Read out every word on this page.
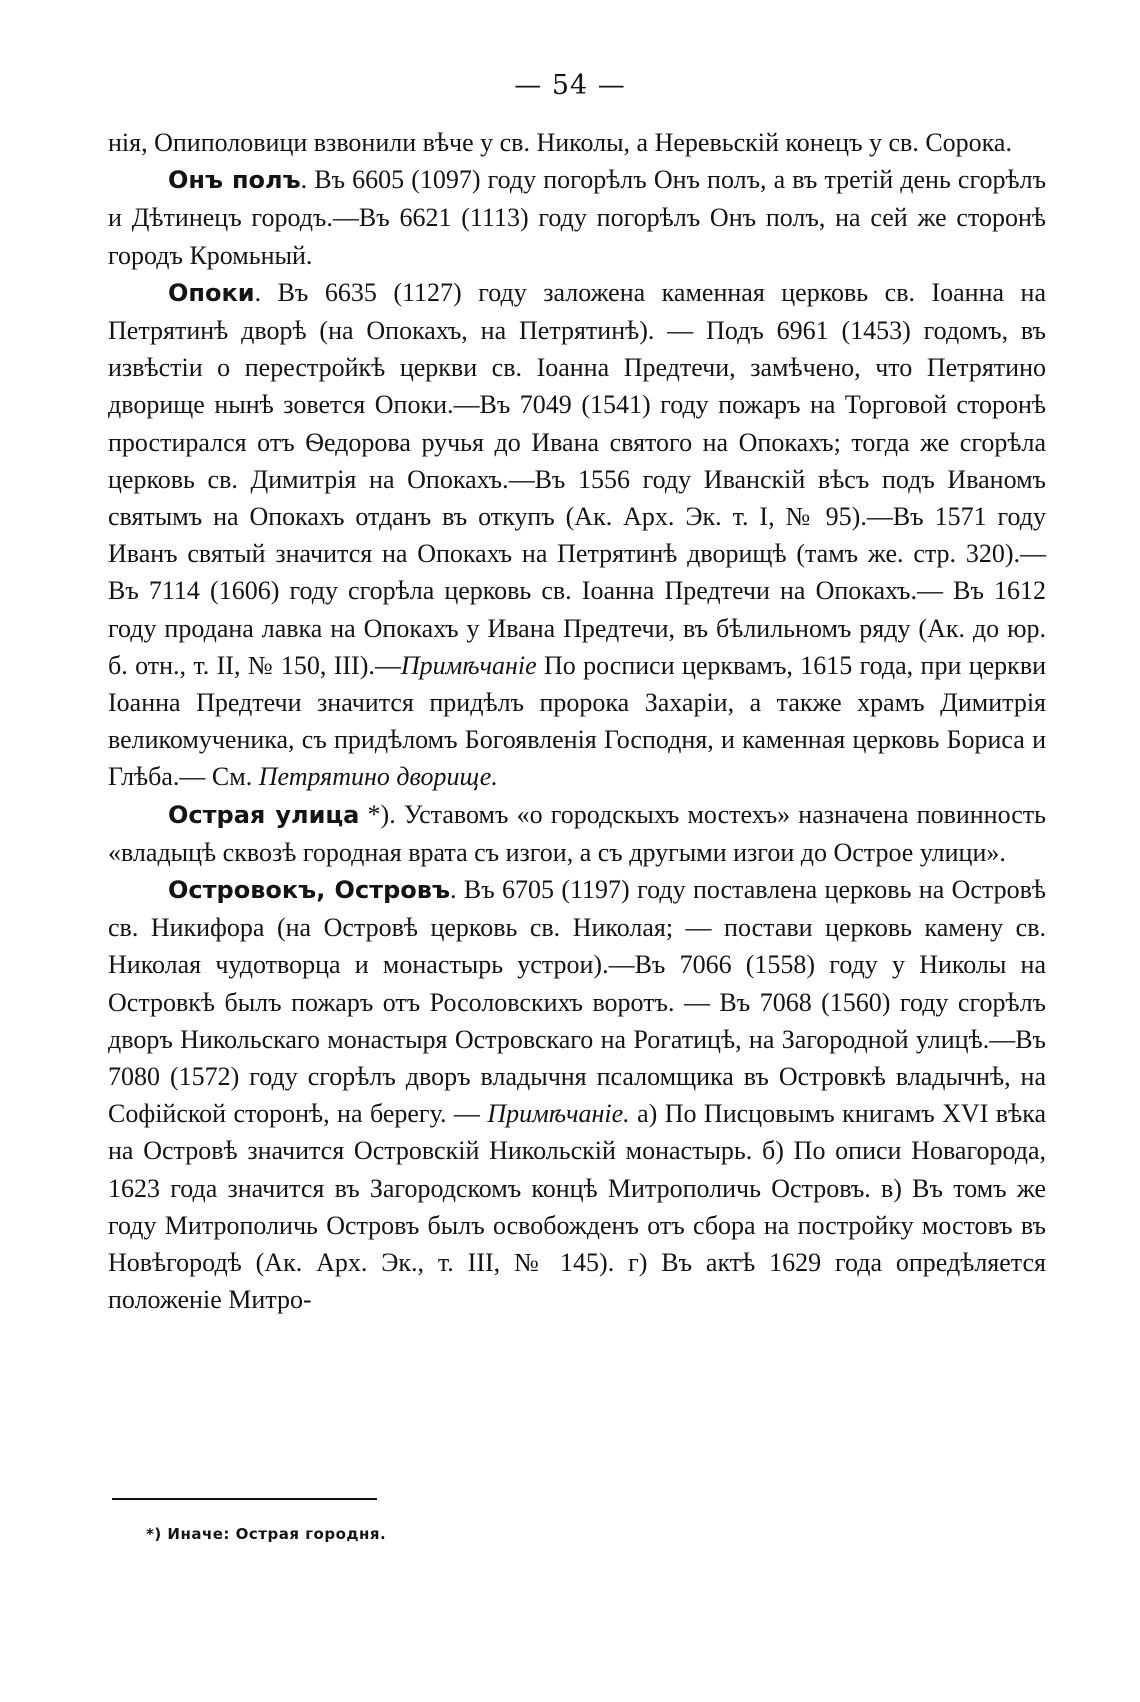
— 54 —

нія, Опиполовици взвонили вѣче у св. Николы, а Неревьскій конецъ у св. Сорока.

Онъ полъ. Въ 6605 (1097) году погорѣлъ Онъ полъ, а въ третій день сгорѣлъ и Дѣтинецъ городъ.—Въ 6621 (1113) году погорѣлъ Онъ полъ, на сей же сторонѣ городъ Кромьный.

Опоки. Въ 6635 (1127) году заложена каменная церковь св. Іоанна на Петрятинѣ дворѣ (на Опокахъ, на Петрятинѣ). — Подъ 6961 (1453) годомъ, въ извѣстіи о перестройкѣ церкви св. Іоанна Предтечи, замѣчено, что Петрятино дворище нынѣ зовется Опоки.—Въ 7049 (1541) году пожаръ на Торговой сторонѣ простирался отъ Ѳедорова ручья до Ивана святого на Опокахъ; тогда же сгорѣла церковь св. Димитрія на Опокахъ.—Въ 1556 году Иванскій вѣсъ подъ Иваномъ святымъ на Опокахъ отданъ въ откупъ (Ак. Арх. Эк. т. I, № 95).—Въ 1571 году Иванъ святый значится на Опокахъ на Петрятинѣ дворищѣ (тамъ же. стр. 320).— Въ 7114 (1606) году сгорѣла церковь св. Іоанна Предтечи на Опокахъ.— Въ 1612 году продана лавка на Опокахъ у Ивана Предтечи, въ бѣлильномъ ряду (Ак. до юр. б. отн., т. II, № 150, III).—Примѣчаніе По росписи церквамъ, 1615 года, при церкви Іоанна Предтечи значится придѣлъ пророка Захаріи, а также храмъ Димитрія великомученика, съ придѣломъ Богоявленія Господня, и каменная церковь Бориса и Глѣба.— См. Петрятино дворище.

Острая улица *). Уставомъ «о городскыхъ мостехъ» назначена повинность «владыцѣ сквозѣ городная врата съ изгои, а съ другыми изгои до Острое улици».

Островокъ, Островъ. Въ 6705 (1197) году поставлена церковь на Островѣ св. Никифора (на Островѣ церковь св. Николая; — постави церковь камену св. Николая чудотворца и монастырь устрои).—Въ 7066 (1558) году у Николы на Островкѣ былъ пожаръ отъ Росоловскихъ воротъ. — Въ 7068 (1560) году сгорѣлъ дворъ Никольскаго монастыря Островскаго на Рогатицѣ, на Загородной улицѣ.—Въ 7080 (1572) году сгорѣлъ дворъ владычня псаломщика въ Островкѣ владычнѣ, на Софійской сторонѣ, на берегу. — Примѣчаніе. а) По Писцовымъ книгамъ XVI вѣка на Островѣ значится Островскій Никольскій монастырь. б) По описи Новагорода, 1623 года значится въ Загородскомъ концѣ Митрополичь Островъ. в) Въ томъ же году Митрополичь Островъ былъ освобожденъ отъ сбора на постройку мостовъ въ Новѣгородѣ (Ак. Арх. Эк., т. III, № 145). г) Въ актѣ 1629 года опредѣляется положеніе Митро-

*) Иначе: Острая городня.
